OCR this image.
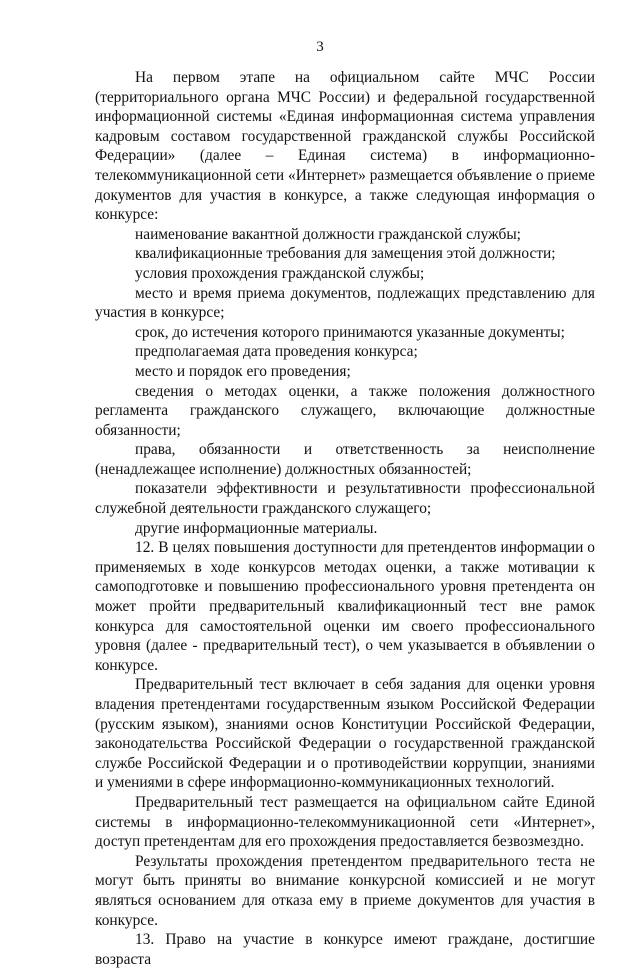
3

На первом этапе на официальном сайте МЧС России (территориального органа МЧС России) и федеральной государственной информационной системы «Единая информационная система управления кадровым составом государственной гражданской службы Российской Федерации» (далее – Единая система) в информационно-телекоммуникационной сети «Интернет» размещается объявление о приеме документов для участия в конкурсе, а также следующая информация о конкурсе:

наименование вакантной должности гражданской службы;

квалификационные требования для замещения этой должности;

условия прохождения гражданской службы;

место и время приема документов, подлежащих представлению для участия в конкурсе;

срок, до истечения которого принимаются указанные документы;

предполагаемая дата проведения конкурса;

место и порядок его проведения;

сведения о методах оценки, а также положения должностного регламента гражданского служащего, включающие должностные обязанности;

права, обязанности и ответственность за неисполнение (ненадлежащее исполнение) должностных обязанностей;

показатели эффективности и результативности профессиональной служебной деятельности гражданского служащего;

другие информационные материалы.

12. В целях повышения доступности для претендентов информации о применяемых в ходе конкурсов методах оценки, а также мотивации к самоподготовке и повышению профессионального уровня претендента он может пройти предварительный квалификационный тест вне рамок конкурса для самостоятельной оценки им своего профессионального уровня (далее - предварительный тест), о чем указывается в объявлении о конкурсе.

Предварительный тест включает в себя задания для оценки уровня владения претендентами государственным языком Российской Федерации (русским языком), знаниями основ Конституции Российской Федерации, законодательства Российской Федерации о государственной гражданской службе Российской Федерации и о противодействии коррупции, знаниями и умениями в сфере информационно-коммуникационных технологий.

Предварительный тест размещается на официальном сайте Единой системы в информационно-телекоммуникационной сети «Интернет», доступ претендентам для его прохождения предоставляется безвозмездно.

Результаты прохождения претендентом предварительного теста не могут быть приняты во внимание конкурсной комиссией и не могут являться основанием для отказа ему в приеме документов для участия в конкурсе.

13. Право на участие в конкурсе имеют граждане, достигшие возраста
